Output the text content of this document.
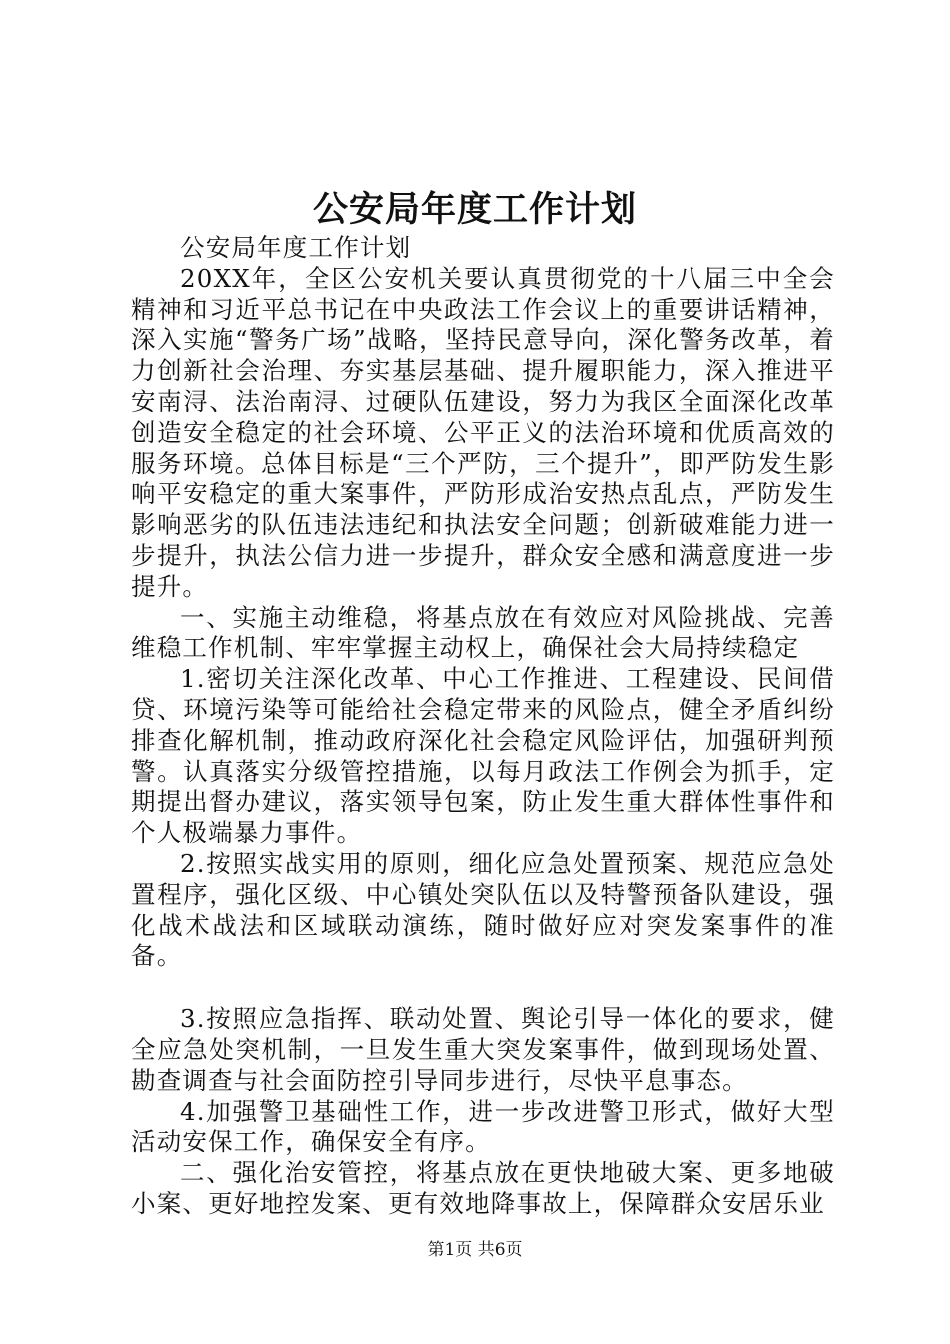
公安局年度工作计划

公安局年度工作计划

20XX年，全区公安机关要认真贯彻党的十八届三中全会精神和习近平总书记在中央政法工作会议上的重要讲话精神，深入实施“警务广场”战略，坚持民意导向，深化警务改革，着力创新社会治理、夯实基层基础、提升履职能力，深入推进平安南浔、法治南浔、过硬队伍建设，努力为我区全面深化改革创造安全稳定的社会环境、公平正义的法治环境和优质高效的服务环境。总体目标是“三个严防，三个提升”，即严防发生影响平安稳定的重大案事件，严防形成治安热点乱点，严防发生影响恶劣的队伍违法违纪和执法安全问题；创新破难能力进一步提升，执法公信力进一步提升，群众安全感和满意度进一步提升。

一、实施主动维稳，将基点放在有效应对风险挑战、完善维稳工作机制、牢牢掌握主动权上，确保社会大局持续稳定

1.密切关注深化改革、中心工作推进、工程建设、民间借贷、环境污染等可能给社会稳定带来的风险点，健全矛盾纠纷排查化解机制，推动政府深化社会稳定风险评估，加强研判预警。认真落实分级管控措施，以每月政法工作例会为抓手，定期提出督办建议，落实领导包案，防止发生重大群体性事件和个人极端暴力事件。

2.按照实战实用的原则，细化应急处置预案、规范应急处置程序，强化区级、中心镇处突队伍以及特警预备队建设，强化战术战法和区域联动演练，随时做好应对突发案事件的准备。

3.按照应急指挥、联动处置、舆论引导一体化的要求，健全应急处突机制，一旦发生重大突发案事件，做到现场处置、勘查调查与社会面防控引导同步进行，尽快平息事态。

4.加强警卫基础性工作，进一步改进警卫形式，做好大型活动安保工作，确保安全有序。

二、强化治安管控，将基点放在更快地破大案、更多地破小案、更好地控发案、更有效地降事故上，保障群众安居乐业

第1页 共6页
